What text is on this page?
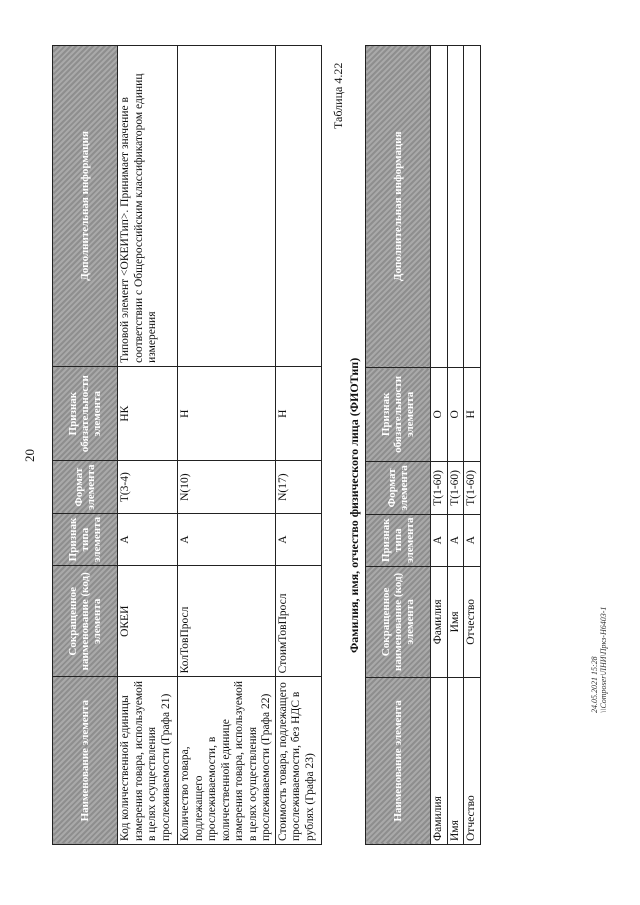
20
Наименование элемента	Сокращенное наименование (код) элемента	Признак типа элемента	Формат элемента	Признак обязательности элемента	Дополнительная информация
Код количественной единицы измерения товара, используемой в целях осуществления прослеживаемости (Графа 21)	ОКЕИ	А	T(3-4)	НК	Типовой элемент <ОКЕИТип>. Принимает значение в соответствии с Общероссийским классификатором единиц измерения
Количество товара, подлежащего прослеживаемости, в количественной единице измерения товара, используемой в целях осуществления прослеживаемости (Графа 22)	КолТовПросл	А	N(10)	Н	
Стоимость товара, подлежащего прослеживаемости, без НДС в рублях (Графа 23)	СтоимТовПросл	А	N(17)	Н	
Таблица 4.22
Фамилия, имя, отчество физического лица (ФИОТип)
Наименование элемента	Сокращенное наименование (код) элемента	Признак типа элемента	Формат элемента	Признак обязательности элемента	Дополнительная информация
Фамилия	Фамилия	А	T(1-60)	О	
Имя	Имя	А	T(1-60)	О	
Отчество	Отчество	А	T(1-60)	Н	
24.05.2021 15:28 \\Composer\ЛНИ\Пркз-Н6403-1
